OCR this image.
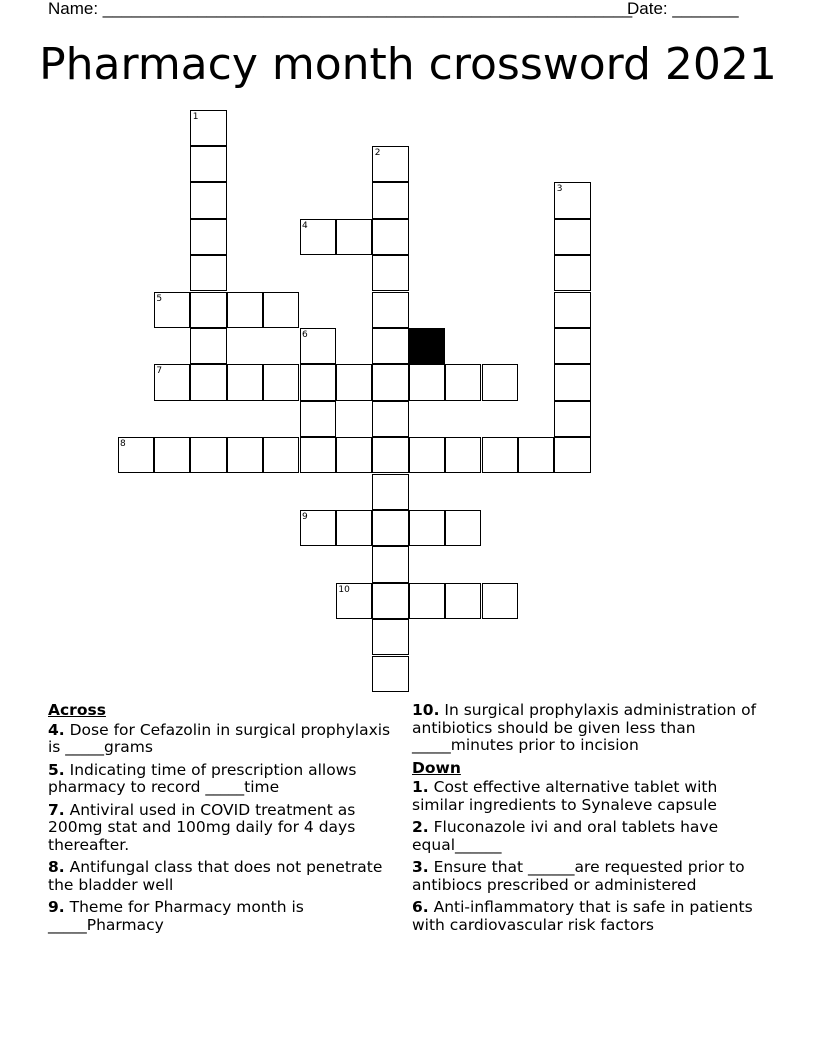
Name: ________________________________________________________
Date: _______
Pharmacy month crossword 2021
1
2
3
4
5
6
7
8
9
10
Across
4. Dose for Cefazolin in surgical prophylaxis is _____grams
5. Indicating time of prescription allows pharmacy to record _____time
7. Antiviral used in COVID treatment as 200mg stat and 100mg daily for 4 days thereafter.
8. Antifungal class that does not penetrate the bladder well
9. Theme for Pharmacy month is _____Pharmacy
10. In surgical prophylaxis administration of antibiotics should be given less than _____minutes prior to incision
Down
1. Cost effective alternative tablet with similar ingredients to Synaleve capsule
2. Fluconazole ivi and oral tablets have equal______
3. Ensure that ______are requested prior to antibiocs prescribed or administered
6. Anti-inflammatory that is safe in patients with cardiovascular risk factors
